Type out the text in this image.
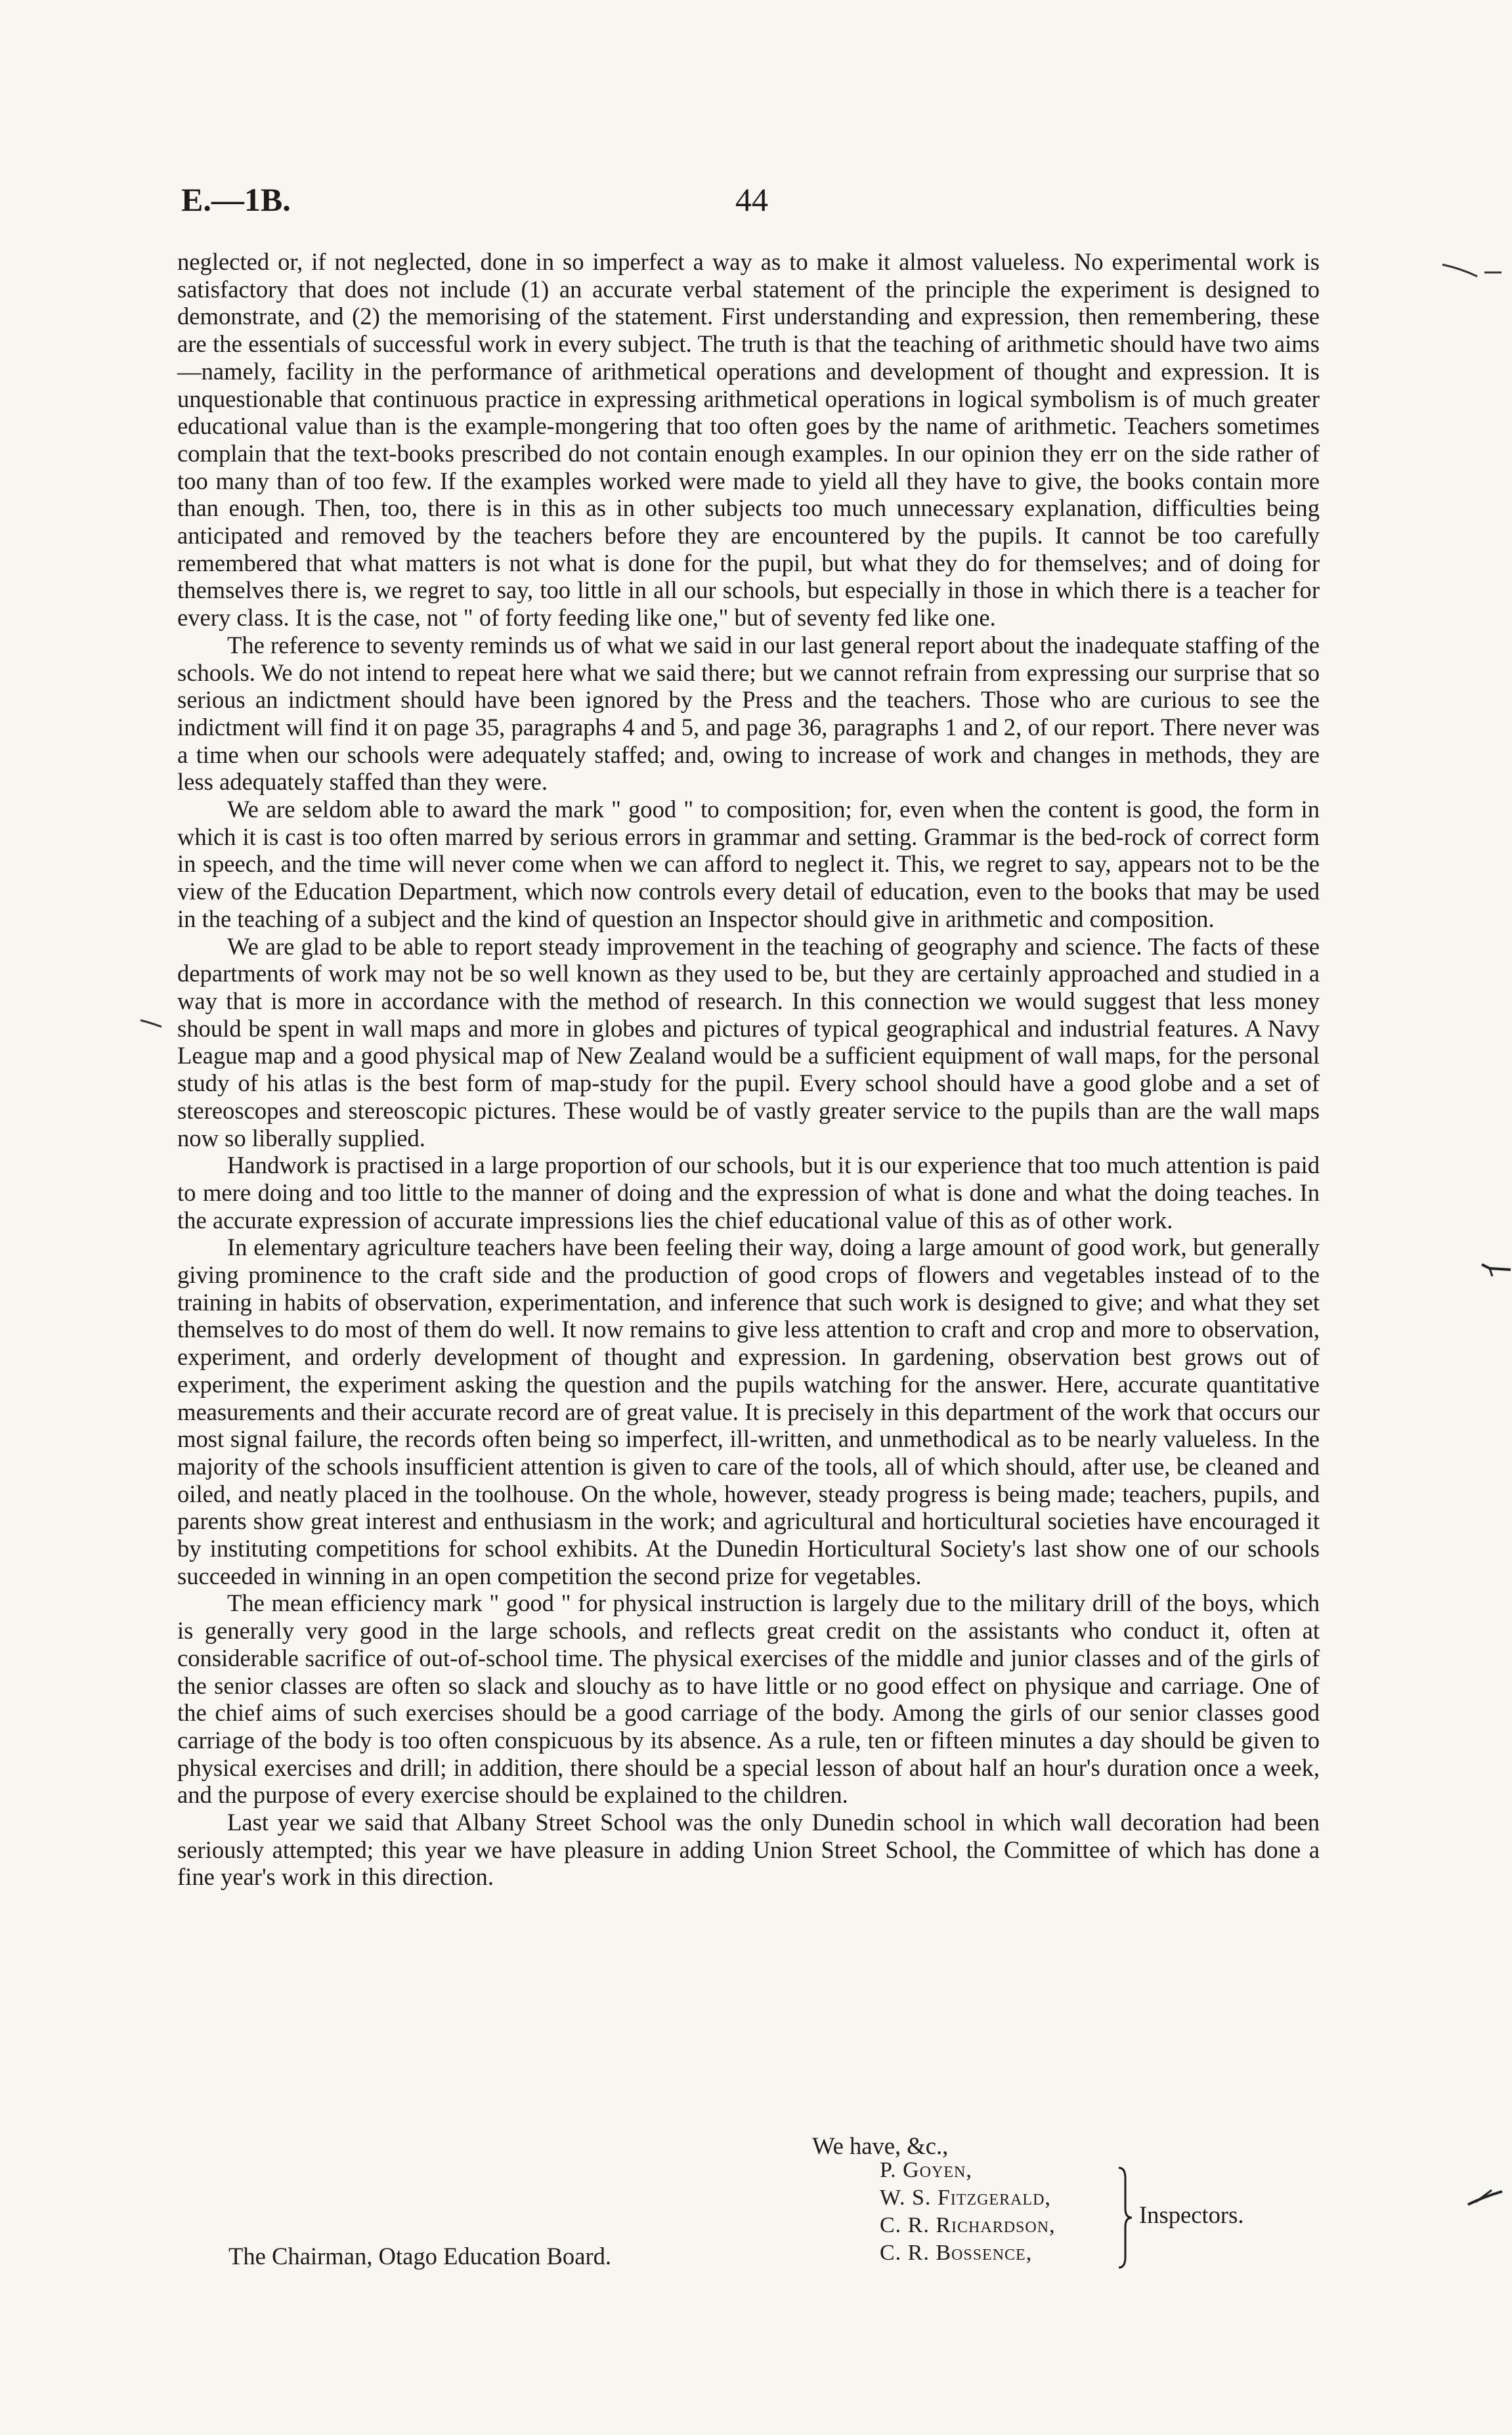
E.—1B.	44

neglected or, if not neglected, done in so imperfect a way as to make it almost valueless. No experimental work is satisfactory that does not include (1) an accurate verbal statement of the principle the experiment is designed to demonstrate, and (2) the memorising of the statement. First understanding and expression, then remembering, these are the essentials of successful work in every subject. The truth is that the teaching of arithmetic should have two aims—namely, facility in the performance of arithmetical operations and development of thought and expression. It is unquestionable that continuous practice in expressing arithmetical operations in logical symbolism is of much greater educational value than is the example-mongering that too often goes by the name of arithmetic. Teachers sometimes complain that the text-books prescribed do not contain enough examples. In our opinion they err on the side rather of too many than of too few. If the examples worked were made to yield all they have to give, the books contain more than enough. Then, too, there is in this as in other subjects too much unnecessary explanation, difficulties being anticipated and removed by the teachers before they are encountered by the pupils. It cannot be too carefully remembered that what matters is not what is done for the pupil, but what they do for themselves; and of doing for themselves there is, we regret to say, too little in all our schools, but especially in those in which there is a teacher for every class. It is the case, not " of forty feeding like one," but of seventy fed like one.

The reference to seventy reminds us of what we said in our last general report about the inadequate staffing of the schools. We do not intend to repeat here what we said there; but we cannot refrain from expressing our surprise that so serious an indictment should have been ignored by the Press and the teachers. Those who are curious to see the indictment will find it on page 35, paragraphs 4 and 5, and page 36, paragraphs 1 and 2, of our report. There never was a time when our schools were adequately staffed; and, owing to increase of work and changes in methods, they are less adequately staffed than they were.

We are seldom able to award the mark " good " to composition; for, even when the content is good, the form in which it is cast is too often marred by serious errors in grammar and setting. Grammar is the bed-rock of correct form in speech, and the time will never come when we can afford to neglect it. This, we regret to say, appears not to be the view of the Education Department, which now controls every detail of education, even to the books that may be used in the teaching of a subject and the kind of question an Inspector should give in arithmetic and composition.

We are glad to be able to report steady improvement in the teaching of geography and science. The facts of these departments of work may not be so well known as they used to be, but they are certainly approached and studied in a way that is more in accordance with the method of research. In this connection we would suggest that less money should be spent in wall maps and more in globes and pictures of typical geographical and industrial features. A Navy League map and a good physical map of New Zealand would be a sufficient equipment of wall maps, for the personal study of his atlas is the best form of map-study for the pupil. Every school should have a good globe and a set of stereoscopes and stereoscopic pictures. These would be of vastly greater service to the pupils than are the wall maps now so liberally supplied.

Handwork is practised in a large proportion of our schools, but it is our experience that too much attention is paid to mere doing and too little to the manner of doing and the expression of what is done and what the doing teaches. In the accurate expression of accurate impressions lies the chief educational value of this as of other work.

In elementary agriculture teachers have been feeling their way, doing a large amount of good work, but generally giving prominence to the craft side and the production of good crops of flowers and vegetables instead of to the training in habits of observation, experimentation, and inference that such work is designed to give; and what they set themselves to do most of them do well. It now remains to give less attention to craft and crop and more to observation, experiment, and orderly development of thought and expression. In gardening, observation best grows out of experiment, the experiment asking the question and the pupils watching for the answer. Here, accurate quantitative measurements and their accurate record are of great value. It is precisely in this department of the work that occurs our most signal failure, the records often being so imperfect, ill-written, and unmethodical as to be nearly valueless. In the majority of the schools insufficient attention is given to care of the tools, all of which should, after use, be cleaned and oiled, and neatly placed in the toolhouse. On the whole, however, steady progress is being made; teachers, pupils, and parents show great interest and enthusiasm in the work; and agricultural and horticultural societies have encouraged it by instituting competitions for school exhibits. At the Dunedin Horticultural Society's last show one of our schools succeeded in winning in an open competition the second prize for vegetables.

The mean efficiency mark " good " for physical instruction is largely due to the military drill of the boys, which is generally very good in the large schools, and reflects great credit on the assistants who conduct it, often at considerable sacrifice of out-of-school time. The physical exercises of the middle and junior classes and of the girls of the senior classes are often so slack and slouchy as to have little or no good effect on physique and carriage. One of the chief aims of such exercises should be a good carriage of the body. Among the girls of our senior classes good carriage of the body is too often conspicuous by its absence. As a rule, ten or fifteen minutes a day should be given to physical exercises and drill; in addition, there should be a special lesson of about half an hour's duration once a week, and the purpose of every exercise should be explained to the children.

Last year we said that Albany Street School was the only Dunedin school in which wall decoration had been seriously attempted; this year we have pleasure in adding Union Street School, the Committee of which has done a fine year's work in this direction.

We have, &c.,
P. Goyen,
W. S. Fitzgerald,
C. R. Richardson,
C. R. Bossence,
Inspectors.
The Chairman, Otago Education Board.
